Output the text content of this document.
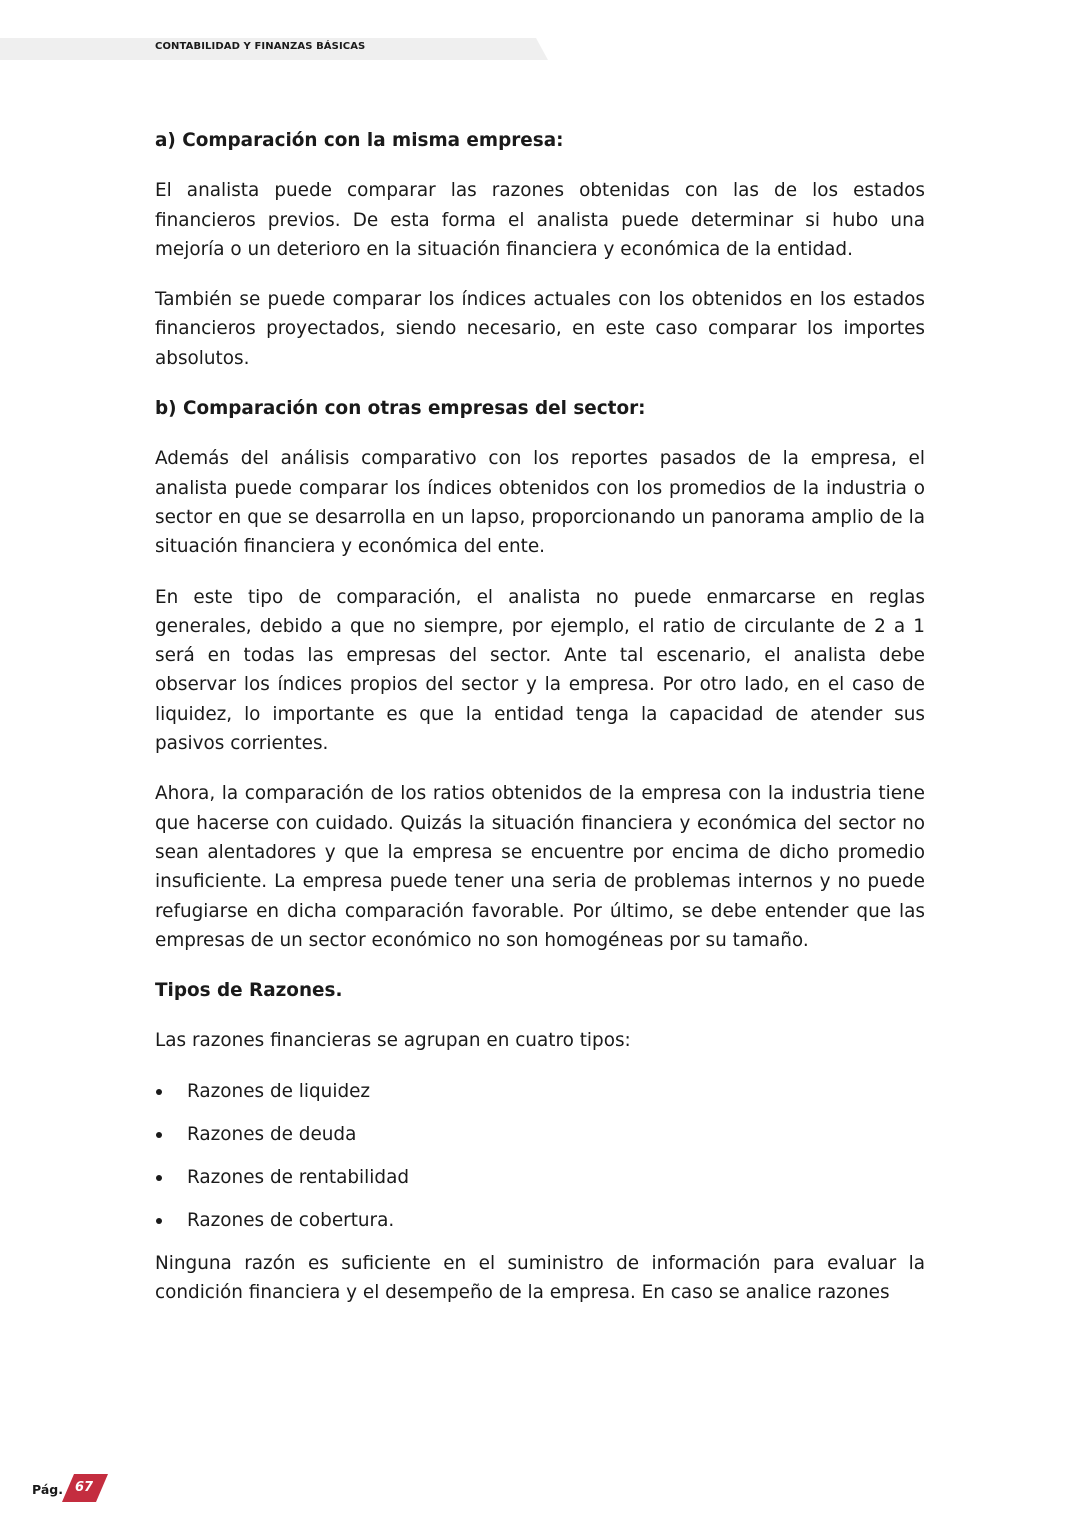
CONTABILIDAD Y FINANZAS BÁSICAS

a) Comparación con la misma empresa:

El analista puede comparar las razones obtenidas con las de los estados financieros previos. De esta forma el analista puede determinar si hubo una mejoría o un deterioro en la situación financiera y económica de la entidad.

También se puede comparar los índices actuales con los obtenidos en los estados financieros proyectados, siendo necesario, en este caso comparar los importes absolutos.

b) Comparación con otras empresas del sector:

Además del análisis comparativo con los reportes pasados de la empresa, el analista puede comparar los índices obtenidos con los promedios de la industria o sector en que se desarrolla en un lapso, proporcionando un panorama amplio de la situación financiera y económica del ente.

En este tipo de comparación, el analista no puede enmarcarse en reglas generales, debido a que no siempre, por ejemplo, el ratio de circulante de 2 a 1 será en todas las empresas del sector. Ante tal escenario, el analista debe observar los índices propios del sector y la empresa. Por otro lado, en el caso de liquidez, lo importante es que la entidad tenga la capacidad de atender sus pasivos corrientes.

Ahora, la comparación de los ratios obtenidos de la empresa con la industria tiene que hacerse con cuidado. Quizás la situación financiera y económica del sector no sean alentadores y que la empresa se encuentre por encima de dicho promedio insuficiente. La empresa puede tener una seria de problemas internos y no puede refugiarse en dicha comparación favorable. Por último, se debe entender que las empresas de un sector económico no son homogéneas por su tamaño.

Tipos de Razones.

Las razones financieras se agrupan en cuatro tipos:

Razones de liquidez
Razones de deuda
Razones de rentabilidad
Razones de cobertura.

Ninguna razón es suficiente en el suministro de información para evaluar la condición financiera y el desempeño de la empresa. En caso se analice razones

Pág. 67
